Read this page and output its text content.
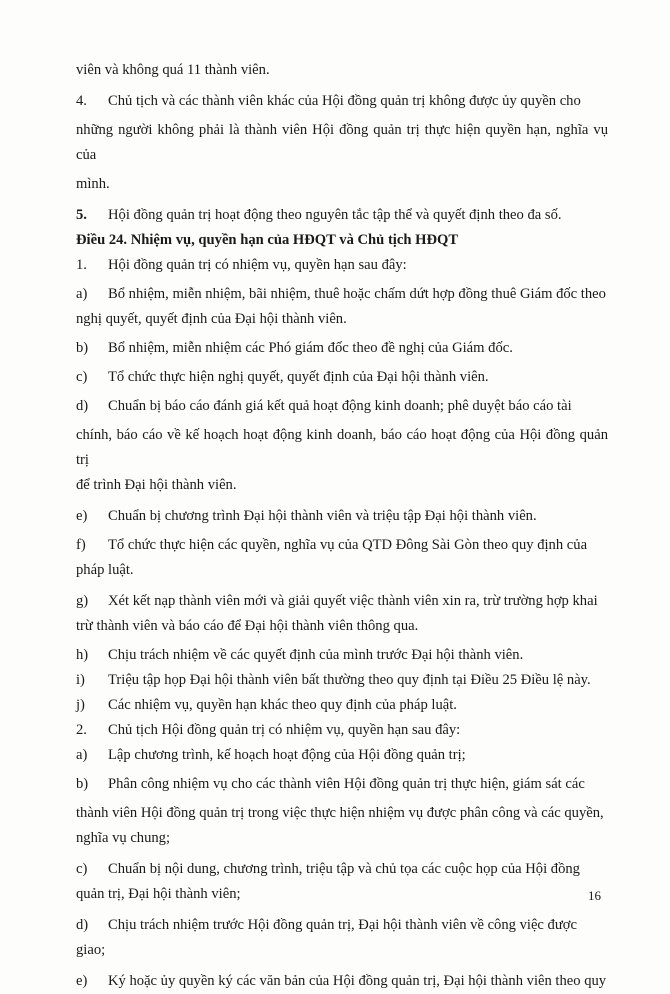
viên và không quá 11 thành viên.
4. Chủ tịch và các thành viên khác của Hội đồng quản trị không được ủy quyền cho
những người không phải là thành viên Hội đồng quản trị thực hiện quyền hạn, nghĩa vụ của
mình.
5. Hội đồng quản trị hoạt động theo nguyên tắc tập thể và quyết định theo đa số.
Điều 24. Nhiệm vụ, quyền hạn của HĐQT và Chủ tịch HĐQT
1. Hội đồng quản trị có nhiệm vụ, quyền hạn sau đây:
a) Bổ nhiệm, miễn nhiệm, bãi nhiệm, thuê hoặc chấm dứt hợp đồng thuê Giám đốc theo
nghị quyết, quyết định của Đại hội thành viên.
b) Bổ nhiệm, miễn nhiệm các Phó giám đốc theo đề nghị của Giám đốc.
c) Tổ chức thực hiện nghị quyết, quyết định của Đại hội thành viên.
d) Chuẩn bị báo cáo đánh giá kết quả hoạt động kinh doanh; phê duyệt báo cáo tài
chính, báo cáo về kế hoạch hoạt động kinh doanh, báo cáo hoạt động của Hội đồng quản trị
để trình Đại hội thành viên.
e) Chuẩn bị chương trình Đại hội thành viên và triệu tập Đại hội thành viên.
f) Tổ chức thực hiện các quyền, nghĩa vụ của QTD Đông Sài Gòn theo quy định của
pháp luật.
g) Xét kết nạp thành viên mới và giải quyết việc thành viên xin ra, trừ trường hợp khai
trừ thành viên và báo cáo để Đại hội thành viên thông qua.
h) Chịu trách nhiệm về các quyết định của mình trước Đại hội thành viên.
i) Triệu tập họp Đại hội thành viên bất thường theo quy định tại Điều 25 Điều lệ này.
j) Các nhiệm vụ, quyền hạn khác theo quy định của pháp luật.
2. Chủ tịch Hội đồng quản trị có nhiệm vụ, quyền hạn sau đây:
a) Lập chương trình, kế hoạch hoạt động của Hội đồng quản trị;
b) Phân công nhiệm vụ cho các thành viên Hội đồng quản trị thực hiện, giám sát các
thành viên Hội đồng quản trị trong việc thực hiện nhiệm vụ được phân công và các quyền,
nghĩa vụ chung;
c) Chuẩn bị nội dung, chương trình, triệu tập và chủ tọa các cuộc họp của Hội đồng
quản trị, Đại hội thành viên;
d) Chịu trách nhiệm trước Hội đồng quản trị, Đại hội thành viên về công việc được
giao;
e) Ký hoặc ủy quyền ký các văn bản của Hội đồng quản trị, Đại hội thành viên theo quy
16
